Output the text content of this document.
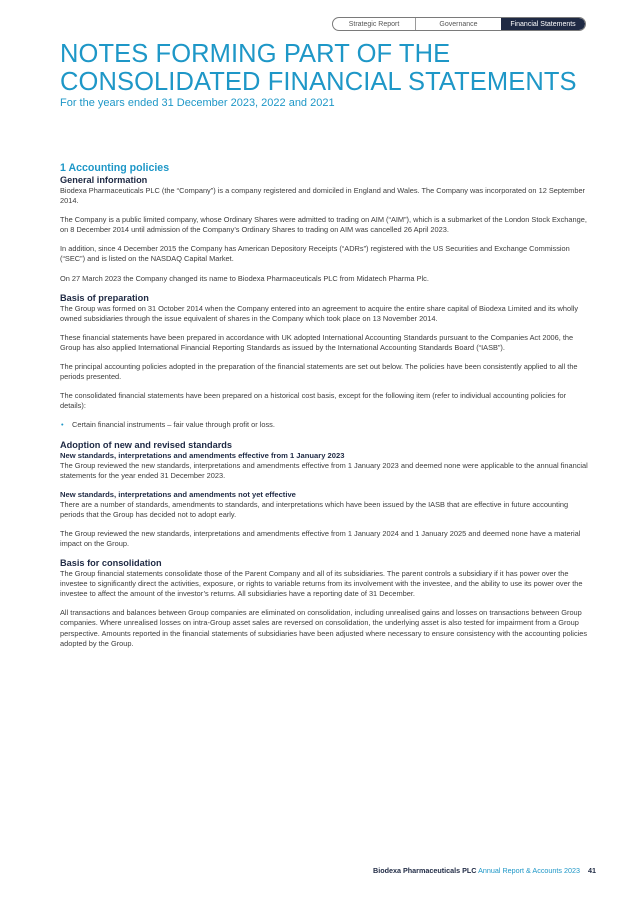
Strategic Report	Governance	Financial Statements
NOTES FORMING PART OF THE
CONSOLIDATED FINANCIAL STATEMENTS
For the years ended 31 December 2023, 2022 and 2021
1 Accounting policies
General information

Biodexa Pharmaceuticals PLC (the “Company”) is a company registered and domiciled in England and Wales. The Company was incorporated on 12 September 2014.

The Company is a public limited company, whose Ordinary Shares were admitted to trading on AIM (“AIM”), which is a submarket of the London Stock Exchange, on 8 December 2014 until admission of the Company’s Ordinary Shares to trading on AIM was cancelled 26 April 2023.

In addition, since 4 December 2015 the Company has American Depository Receipts (“ADRs”) registered with the US Securities and Exchange Commission (“SEC”) and is listed on the NASDAQ Capital Market.

On 27 March 2023 the Company changed its name to Biodexa Pharmaceuticals PLC from Midatech Pharma Plc.

Basis of preparation

The Group was formed on 31 October 2014 when the Company entered into an agreement to acquire the entire share capital of Biodexa Limited and its wholly owned subsidiaries through the issue equivalent of shares in the Company which took place on 13 November 2014.

These financial statements have been prepared in accordance with UK adopted International Accounting Standards pursuant to the Companies Act 2006, the Group has also applied International Financial Reporting Standards as issued by the International Accounting Standards Board (“IASB”).

The principal accounting policies adopted in the preparation of the financial statements are set out below. The policies have been consistently applied to all the periods presented.

The consolidated financial statements have been prepared on a historical cost basis, except for the following item (refer to individual accounting policies for details):

• Certain financial instruments – fair value through profit or loss.
Adoption of new and revised standards
New standards, interpretations and amendments effective from 1 January 2023

The Group reviewed the new standards, interpretations and amendments effective from 1 January 2023 and deemed none were applicable to the annual financial statements for the year ended 31 December 2023.

New standards, interpretations and amendments not yet effective

There are a number of standards, amendments to standards, and interpretations which have been issued by the IASB that are effective in future accounting periods that the Group has decided not to adopt early.

The Group reviewed the new standards, interpretations and amendments effective from 1 January 2024 and 1 January 2025 and deemed none have a material impact on the Group.

Basis for consolidation

The Group financial statements consolidate those of the Parent Company and all of its subsidiaries. The parent controls a subsidiary if it has power over the investee to significantly direct the activities, exposure, or rights to variable returns from its involvement with the investee, and the ability to use its power over the investee to affect the amount of the investor’s returns. All subsidiaries have a reporting date of 31 December.

All transactions and balances between Group companies are eliminated on consolidation, including unrealised gains and losses on transactions between Group companies. Where unrealised losses on intra-Group asset sales are reversed on consolidation, the underlying asset is also tested for impairment from a Group perspective. Amounts reported in the financial statements of subsidiaries have been adjusted where necessary to ensure consistency with the accounting policies adopted by the Group.

Biodexa Pharmaceuticals PLC Annual Report & Accounts 2023 41
